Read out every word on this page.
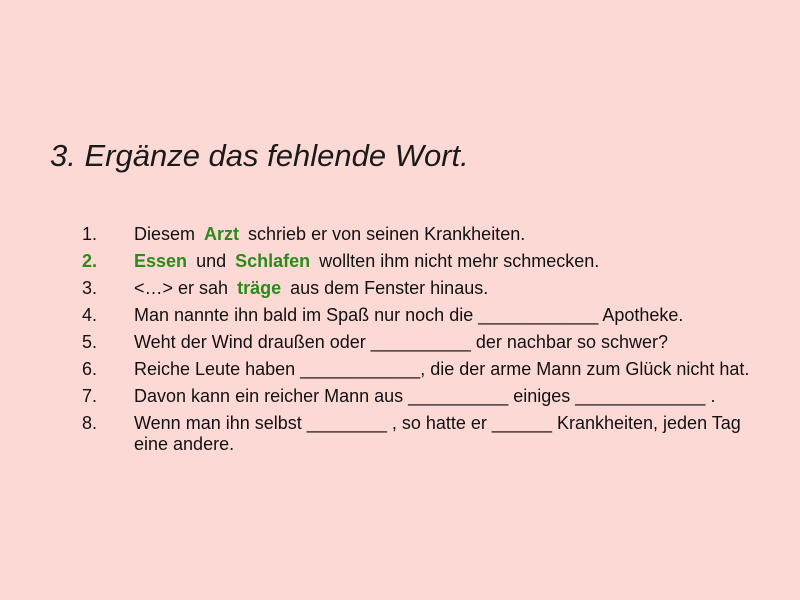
3. Ergänze das fehlende Wort.
1.	Diesem Arzt schrieb er von seinen Krankheiten.
2.	Essen und Schlafen wollten ihm nicht mehr schmecken.
3.	<…> er sah träge aus dem Fenster hinaus.
4.	Man nannte ihn bald im Spaß nur noch die ____________ Apotheke.
5.	Weht der Wind draußen oder __________ der nachbar so schwer?
6.	Reiche Leute haben ____________, die der arme Mann zum Glück nicht hat.
7.	Davon kann ein reicher Mann aus __________ einiges _____________ .
8.	Wenn man ihn selbst ________ , so hatte er ______ Krankheiten, jeden Tag eine andere.
